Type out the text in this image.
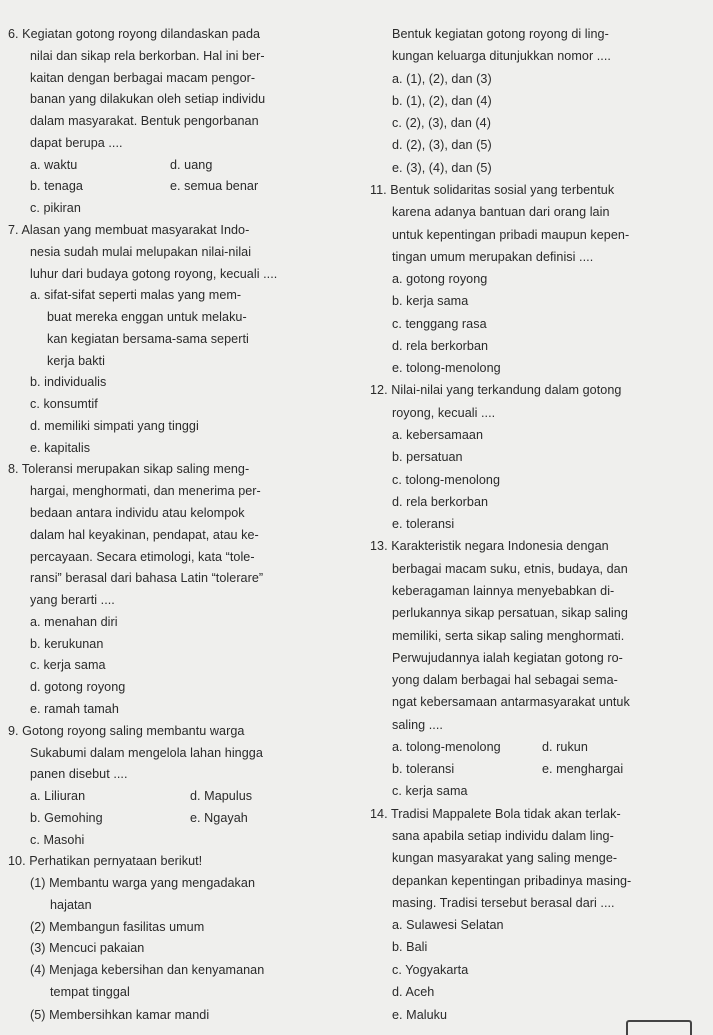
6. Kegiatan gotong royong dilandaskan pada
nilai dan sikap rela berkorban. Hal ini ber-
kaitan dengan berbagai macam pengor-
banan yang dilakukan oleh setiap individu
dalam masyarakat. Bentuk pengorbanan
dapat berupa ....
a. waktu	d. uang
b. tenaga	e. semua benar
c. pikiran
7. Alasan yang membuat masyarakat Indo-
nesia sudah mulai melupakan nilai-nilai
luhur dari budaya gotong royong, kecuali ....
a. sifat-sifat seperti malas yang mem-
buat mereka enggan untuk melaku-
kan kegiatan bersama-sama seperti
kerja bakti
b. individualis
c. konsumtif
d. memiliki simpati yang tinggi
e. kapitalis
8. Toleransi merupakan sikap saling meng-
hargai, menghormati, dan menerima per-
bedaan antara individu atau kelompok
dalam hal keyakinan, pendapat, atau ke-
percayaan. Secara etimologi, kata “tole-
ransi” berasal dari bahasa Latin “tolerare”
yang berarti ....
a. menahan diri
b. kerukunan
c. kerja sama
d. gotong royong
e. ramah tamah
9. Gotong royong saling membantu warga
Sukabumi dalam mengelola lahan hingga
panen disebut ....
a. Liliuran	d. Mapulus
b. Gemohing	e. Ngayah
c. Masohi
10. Perhatikan pernyataan berikut!
(1) Membantu warga yang mengadakan
hajatan
(2) Membangun fasilitas umum
(3) Mencuci pakaian
(4) Menjaga kebersihan dan kenyamanan
tempat tinggal
(5) Membersihkan kamar mandi
Bentuk kegiatan gotong royong di ling-
kungan keluarga ditunjukkan nomor ....
a. (1), (2), dan (3)
b. (1), (2), dan (4)
c. (2), (3), dan (4)
d. (2), (3), dan (5)
e. (3), (4), dan (5)
11. Bentuk solidaritas sosial yang terbentuk
karena adanya bantuan dari orang lain
untuk kepentingan pribadi maupun kepen-
tingan umum merupakan definisi ....
a. gotong royong
b. kerja sama
c. tenggang rasa
d. rela berkorban
e. tolong-menolong
12. Nilai-nilai yang terkandung dalam gotong
royong, kecuali ....
a. kebersamaan
b. persatuan
c. tolong-menolong
d. rela berkorban
e. toleransi
13. Karakteristik negara Indonesia dengan
berbagai macam suku, etnis, budaya, dan
keberagaman lainnya menyebabkan di-
perlukannya sikap persatuan, sikap saling
memiliki, serta sikap saling menghormati.
Perwujudannya ialah kegiatan gotong ro-
yong dalam berbagai hal sebagai sema-
ngat kebersamaan antarmasyarakat untuk
saling ....
a. tolong-menolong	d. rukun
b. toleransi	e. menghargai
c. kerja sama
14. Tradisi Mappalete Bola tidak akan terlak-
sana apabila setiap individu dalam ling-
kungan masyarakat yang saling menge-
depankan kepentingan pribadinya masing-
masing. Tradisi tersebut berasal dari ....
a. Sulawesi Selatan
b. Bali
c. Yogyakarta
d. Aceh
e. Maluku
